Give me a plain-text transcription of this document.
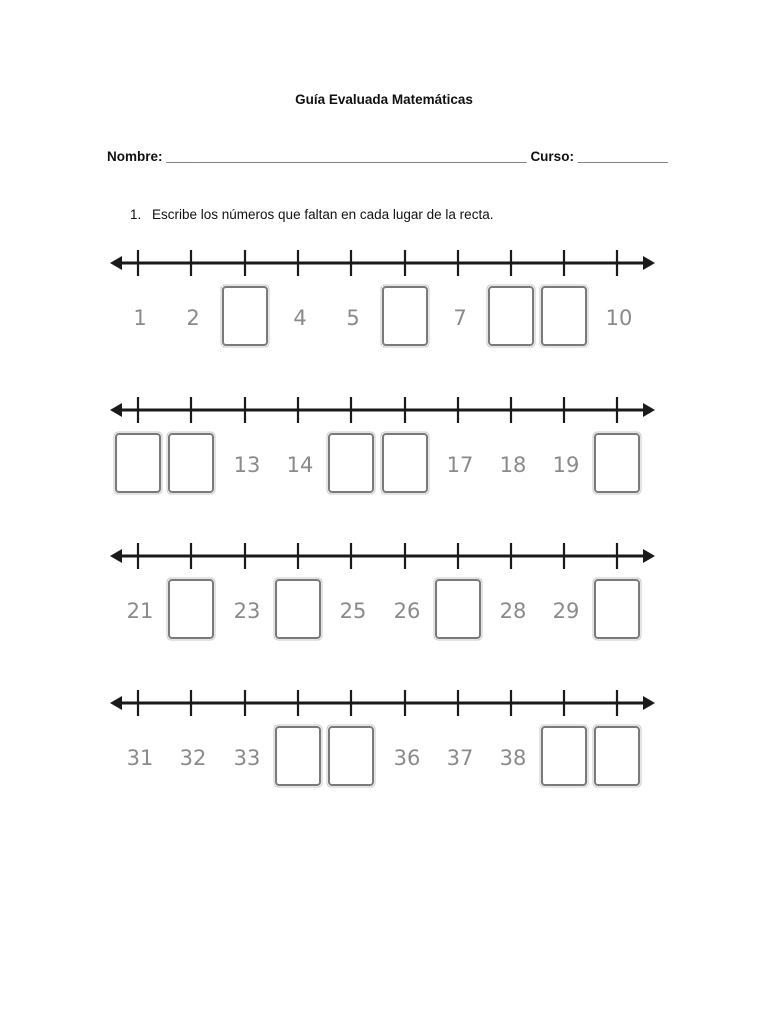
Guía Evaluada Matemáticas
Nombre: ________________________________________________ Curso: ____________
1. Escribe los números que faltan en cada lugar de la recta.
1 2	4 5	7	10
13 14	17 18 19
21	23	25 26	28 29
31 32 33	36 37 38
